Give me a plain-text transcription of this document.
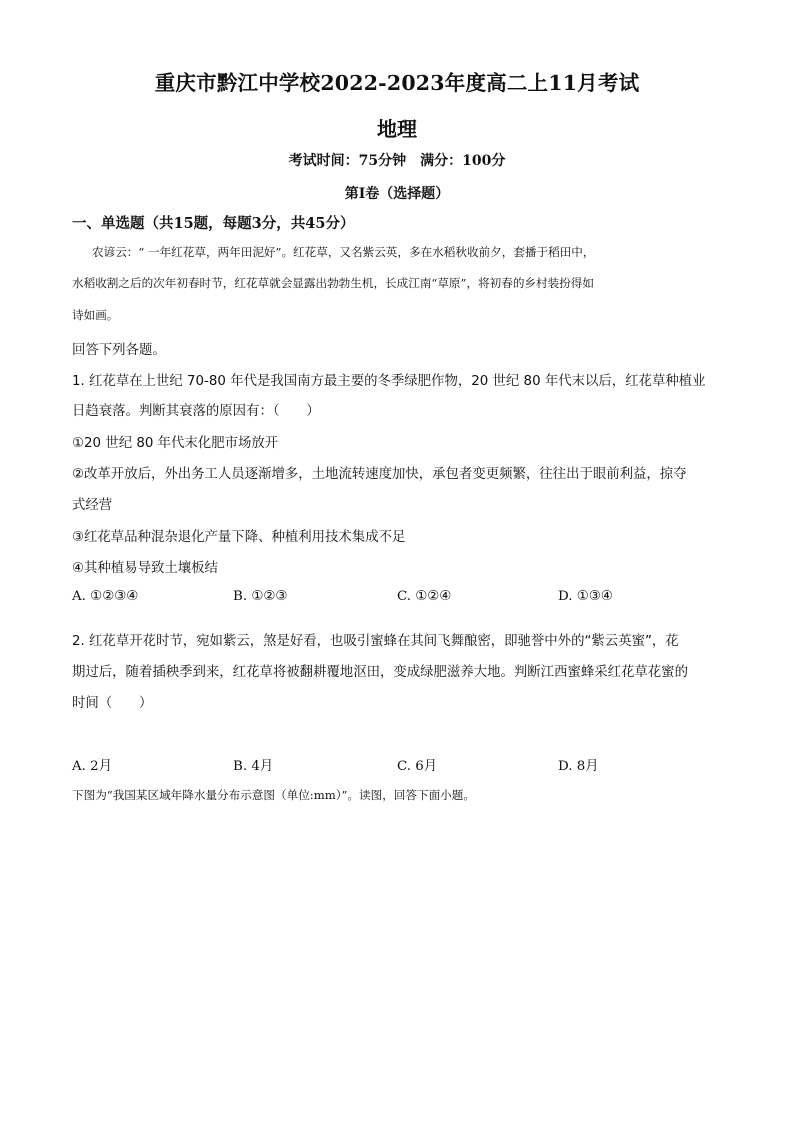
重庆市黔江中学校2022-2023年度高二上11月考试
地理
考试时间：75分钟　满分：100分
第Ⅰ卷（选择题）
一、单选题（共15题，每题3分，共45分）
农谚云：“ 一年红花草，两年田泥好”。红花草，又名紫云英，多在水稻秋收前夕，套播于稻田中，
水稻收割之后的次年初春时节，红花草就会显露出勃勃生机，长成江南“草原”，将初春的乡村装扮得如
诗如画。
回答下列各题。
1. 红花草在上世纪 70-80 年代是我国南方最主要的冬季绿肥作物，20 世纪 80 年代末以后，红花草种植业
日趋衰落。判断其衰落的原因有：（　　）
①20 世纪 80 年代末化肥市场放开
②改革开放后，外出务工人员逐渐增多，土地流转速度加快，承包者变更频繁，往往出于眼前利益，掠夺
式经营
③红花草品种混杂退化产量下降、种植利用技术集成不足
④其种植易导致土壤板结
A. ①②③④	B. ①②③	C. ①②④	D. ①③④
2. 红花草开花时节，宛如紫云，煞是好看，也吸引蜜蜂在其间飞舞酿密，即驰誉中外的“紫云英蜜”，花
期过后，随着插秧季到来，红花草将被翻耕覆地沤田，变成绿肥滋养大地。判断江西蜜蜂采红花草花蜜的
时间（　　）
A. 2月	B. 4月	C. 6月	D. 8月
下图为“我国某区域年降水量分布示意图（单位:mm）”。读图，回答下面小题。
